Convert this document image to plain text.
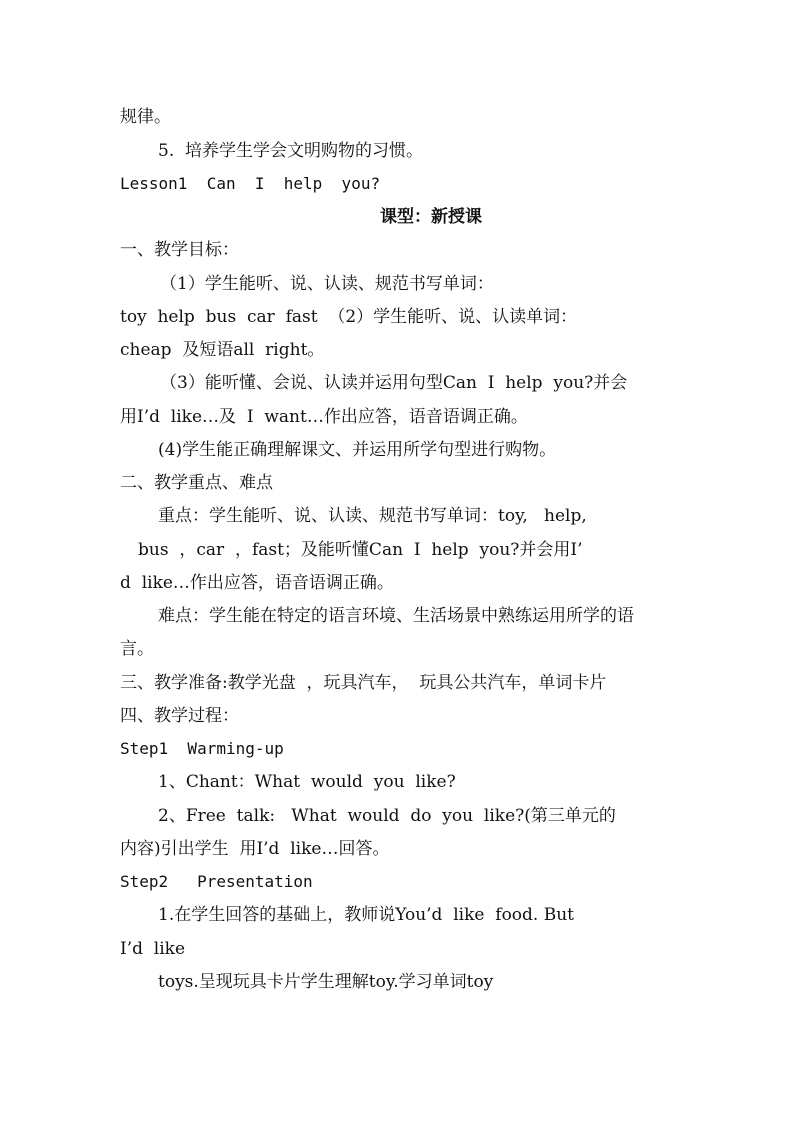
规律。
5.  培养学生学会文明购物的习惯。
Lesson1  Can  I  help  you?
课型：新授课
一、教学目标：
（1）学生能听、说、认读、规范书写单词：
toy  help  bus  car  fast  （2）学生能听、说、认读单词：
cheap  及短语all  right。
（3）能听懂、会说、认读并运用句型Can  I  help  you?并会
用I’d  like…及  I  want…作出应答，语音语调正确。
(4)学生能正确理解课文、并运用所学句型进行购物。
二、教学重点、难点
重点：学生能听、说、认读、规范书写单词：toy,   help,
bus  ，car  ，fast；及能听懂Can  I  help  you?并会用I’
d  like…作出应答，语音语调正确。
难点：学生能在特定的语言环境、生活场景中熟练运用所学的语
言。
三、教学准备:教学光盘  ，玩具汽车，  玩具公共汽车，单词卡片
四、教学过程：
Step1  Warming-up
1、Chant：What  would  you  like?
2、Free  talk:   What  would  do  you  like?(第三单元的
内容)引出学生  用I’d  like…回答。
Step2   Presentation
1.在学生回答的基础上，教师说You’d  like  food. But
I’d  like
toys.呈现玩具卡片学生理解toy.学习单词toy
